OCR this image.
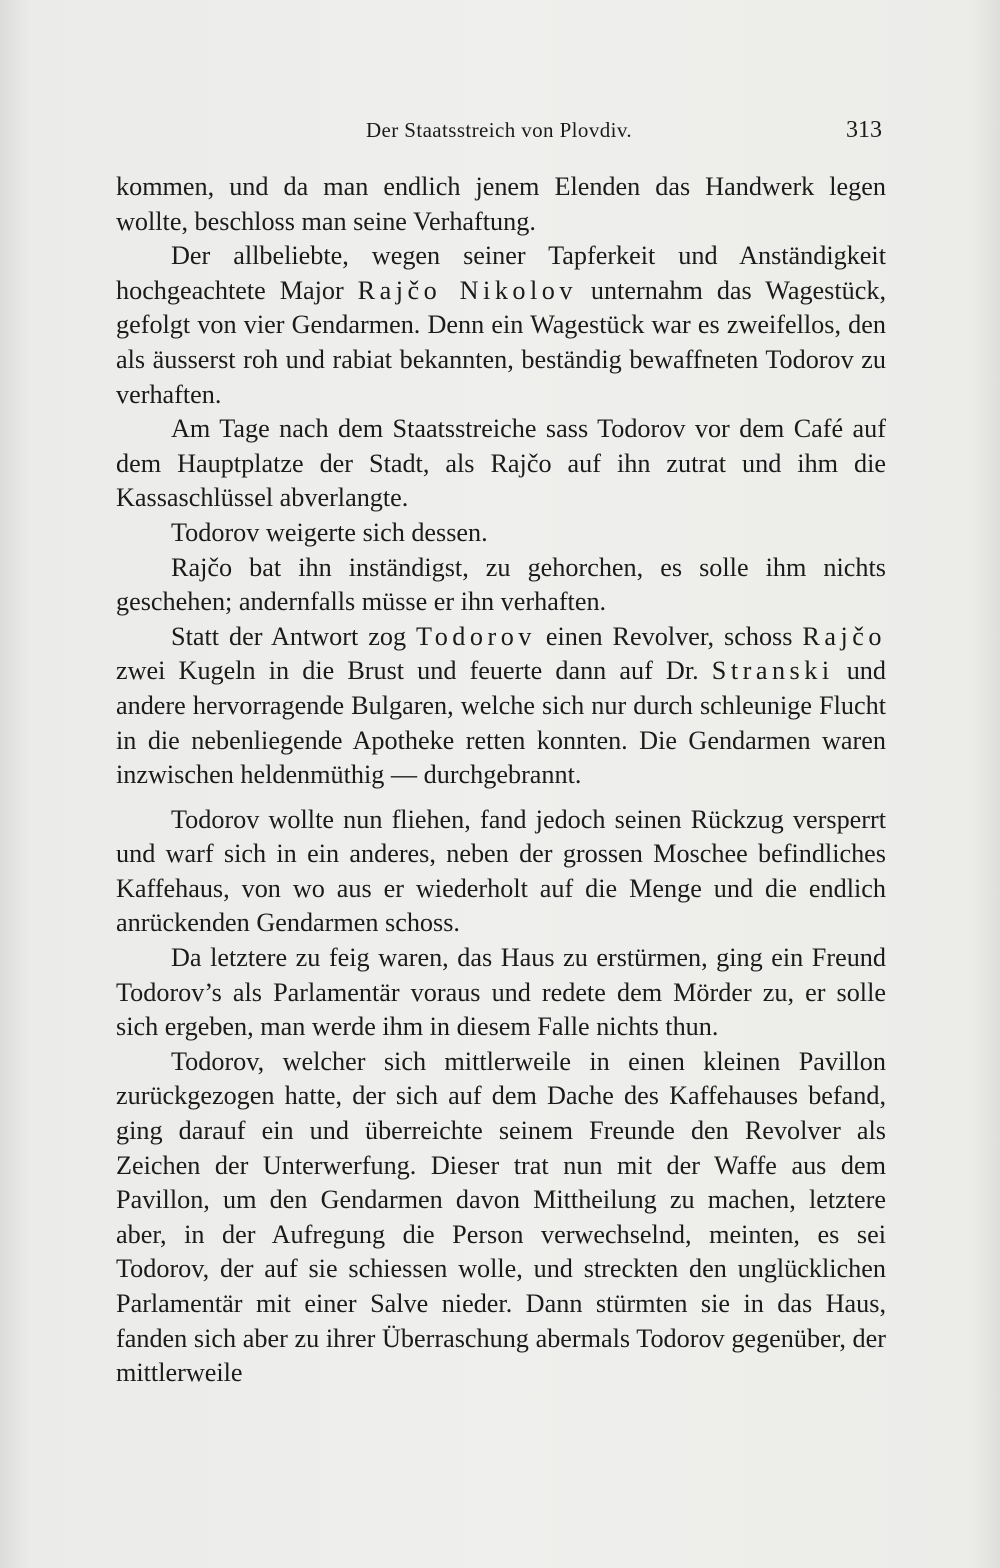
Der Staatsstreich von Plovdiv.	313

kommen, und da man endlich jenem Elenden das Handwerk legen wollte, beschloss man seine Verhaftung.

Der allbeliebte, wegen seiner Tapferkeit und Anständigkeit hochgeachtete Major Rajčo Nikolov unternahm das Wagestück, gefolgt von vier Gendarmen. Denn ein Wagestück war es zweifellos, den als äusserst roh und rabiat bekannten, beständig bewaffneten Todorov zu verhaften.

Am Tage nach dem Staatsstreiche sass Todorov vor dem Café auf dem Hauptplatze der Stadt, als Rajčo auf ihn zutrat und ihm die Kassaschlüssel abverlangte.

Todorov weigerte sich dessen.

Rajčo bat ihn inständigst, zu gehorchen, es solle ihm nichts geschehen; andernfalls müsse er ihn verhaften.

Statt der Antwort zog Todorov einen Revolver, schoss Rajčo zwei Kugeln in die Brust und feuerte dann auf Dr. Stranski und andere hervorragende Bulgaren, welche sich nur durch schleunige Flucht in die nebenliegende Apotheke retten konnten. Die Gendarmen waren inzwischen heldenmüthig — durchgebrannt.

Todorov wollte nun fliehen, fand jedoch seinen Rückzug versperrt und warf sich in ein anderes, neben der grossen Moschee befindliches Kaffehaus, von wo aus er wiederholt auf die Menge und die endlich anrückenden Gendarmen schoss.

Da letztere zu feig waren, das Haus zu erstürmen, ging ein Freund Todorov’s als Parlamentär voraus und redete dem Mörder zu, er solle sich ergeben, man werde ihm in diesem Falle nichts thun.

Todorov, welcher sich mittlerweile in einen kleinen Pavillon zurückgezogen hatte, der sich auf dem Dache des Kaffehauses befand, ging darauf ein und überreichte seinem Freunde den Revolver als Zeichen der Unterwerfung. Dieser trat nun mit der Waffe aus dem Pavillon, um den Gendarmen davon Mittheilung zu machen, letztere aber, in der Aufregung die Person verwechselnd, meinten, es sei Todorov, der auf sie schiessen wolle, und streckten den unglücklichen Parlamentär mit einer Salve nieder. Dann stürmten sie in das Haus, fanden sich aber zu ihrer Überraschung abermals Todorov gegenüber, der mittlerweile
